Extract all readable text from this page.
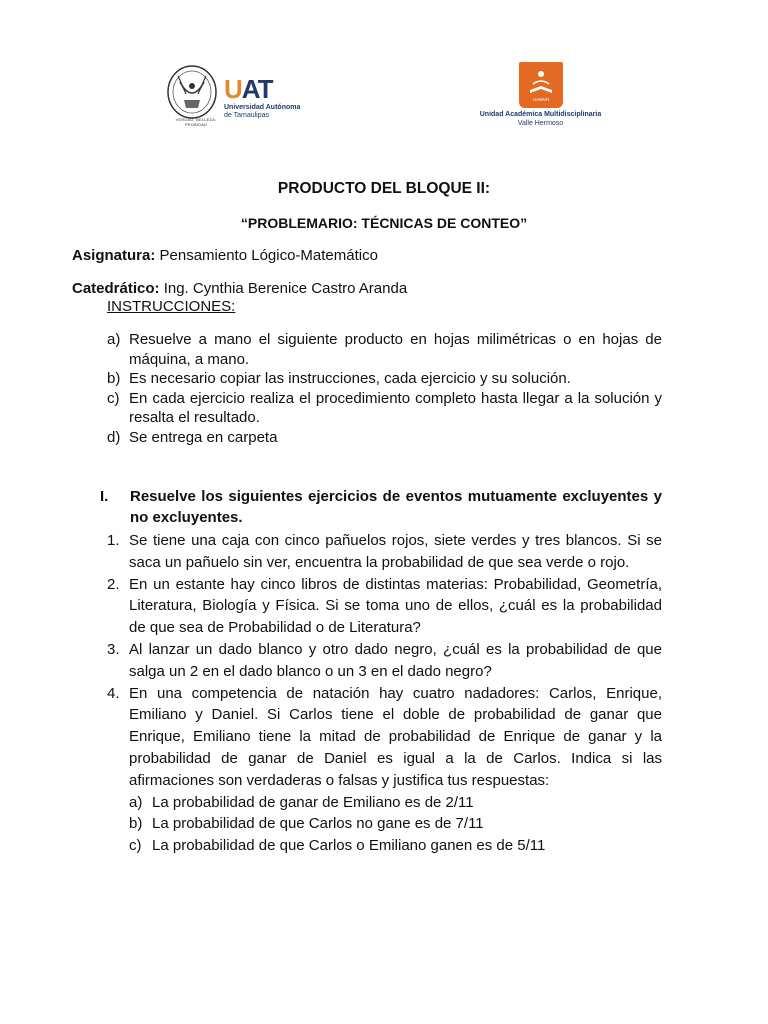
VERDAD, BELLEZA, PROBIDAD
UAT
Universidad Autónoma
de Tamaulipas
UAMVH
Unidad Académica Multidisciplinaria
Valle Hermoso
PRODUCTO DEL BLOQUE II:
“PROBLEMARIO: TÉCNICAS DE CONTEO”
Asignatura: Pensamiento Lógico-Matemático
Catedrático: Ing. Cynthia Berenice Castro Aranda
INSTRUCCIONES:
a) Resuelve a mano el siguiente producto en hojas milimétricas o en hojas de máquina, a mano.
b) Es necesario copiar las instrucciones, cada ejercicio y su solución.
c) En cada ejercicio realiza el procedimiento completo hasta llegar a la solución y resalta el resultado.
d) Se entrega en carpeta
I.	Resuelve los siguientes ejercicios de eventos mutuamente excluyentes y no excluyentes.
1. Se tiene una caja con cinco pañuelos rojos, siete verdes y tres blancos. Si se saca un pañuelo sin ver, encuentra la probabilidad de que sea verde o rojo.
2. En un estante hay cinco libros de distintas materias: Probabilidad, Geometría, Literatura, Biología y Física. Si se toma uno de ellos, ¿cuál es la probabilidad de que sea de Probabilidad o de Literatura?
3. Al lanzar un dado blanco y otro dado negro, ¿cuál es la probabilidad de que salga un 2 en el dado blanco o un 3 en el dado negro?
4. En una competencia de natación hay cuatro nadadores: Carlos, Enrique, Emiliano y Daniel. Si Carlos tiene el doble de probabilidad de ganar que Enrique, Emiliano tiene la mitad de probabilidad de Enrique de ganar y la probabilidad de ganar de Daniel es igual a la de Carlos. Indica si las afirmaciones son verdaderas o falsas y justifica tus respuestas:
a) La probabilidad de ganar de Emiliano es de 2/11
b) La probabilidad de que Carlos no gane es de 7/11
c) La probabilidad de que Carlos o Emiliano ganen es de 5/11
